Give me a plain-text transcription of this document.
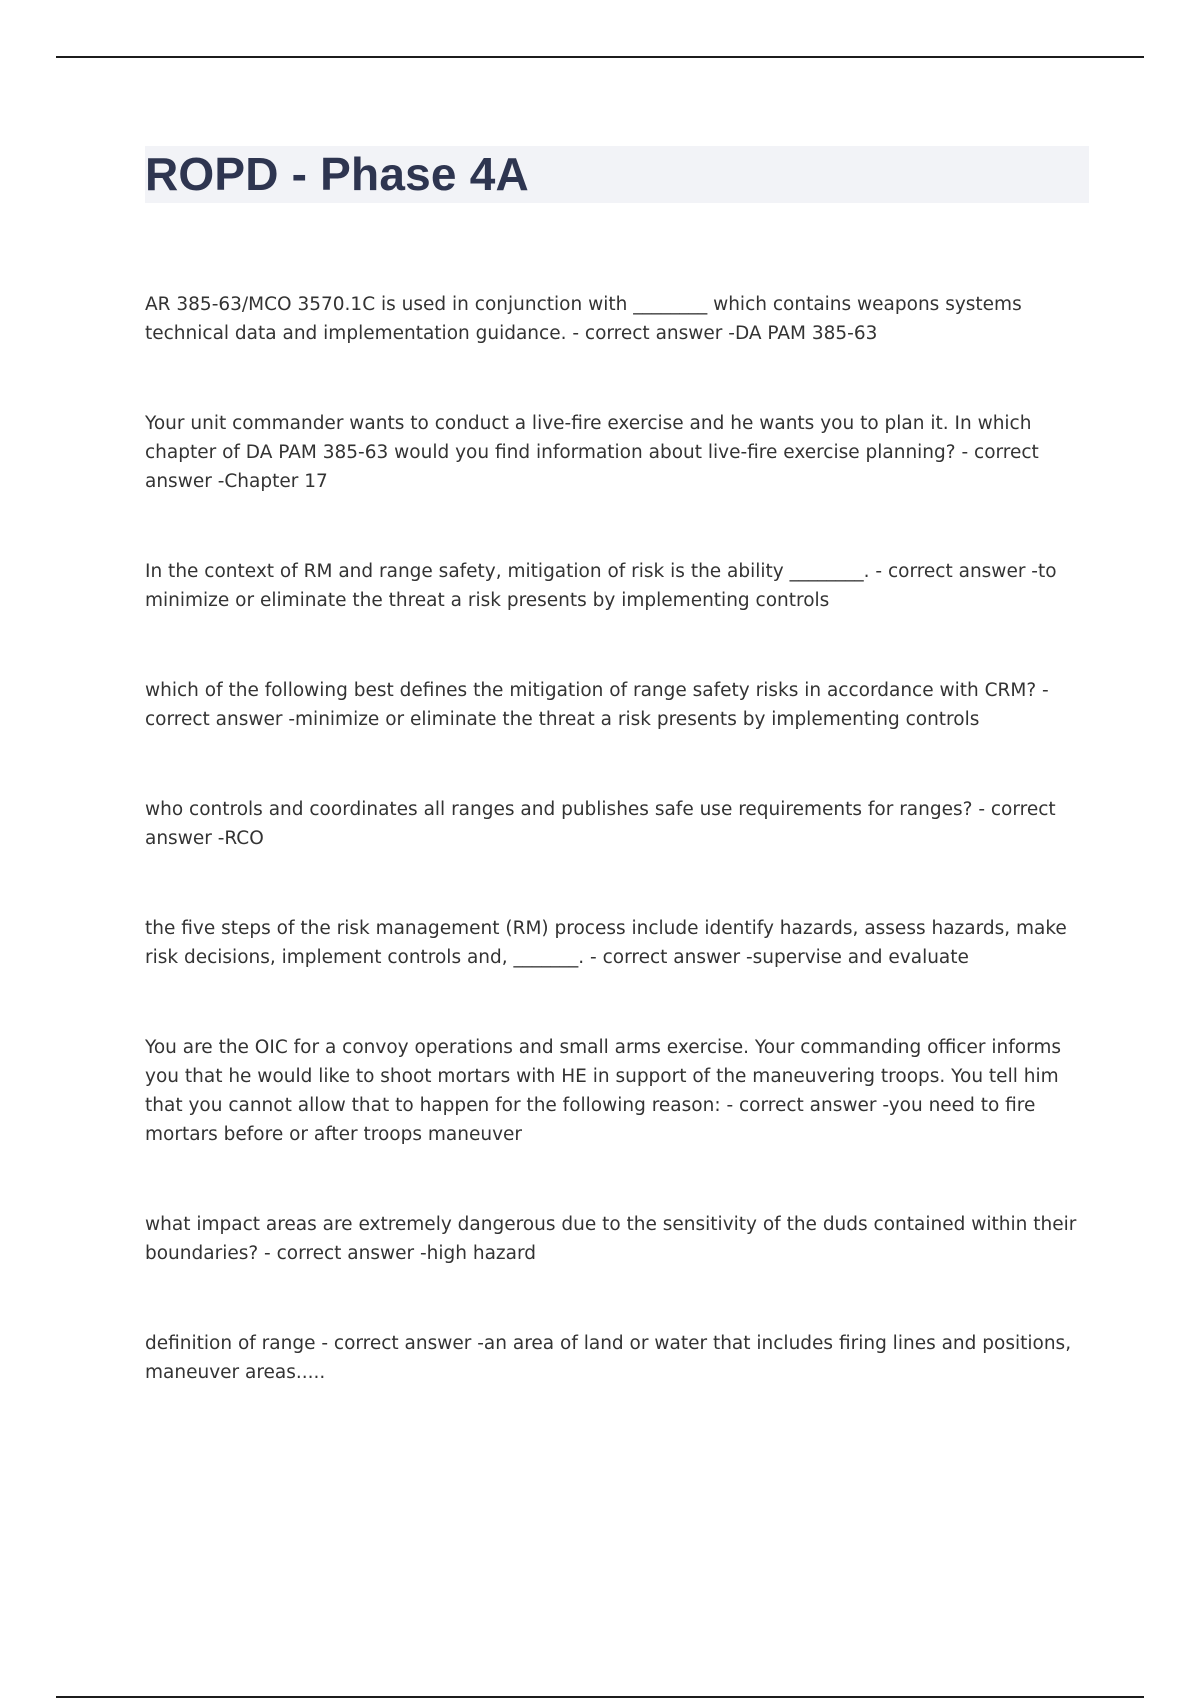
ROPD - Phase 4A

AR 385-63/MCO 3570.1C is used in conjunction with ________ which contains weapons systems technical data and implementation guidance. - correct answer -DA PAM 385-63

Your unit commander wants to conduct a live-fire exercise and he wants you to plan it. In which chapter of DA PAM 385-63 would you find information about live-fire exercise planning? - correct answer -Chapter 17

In the context of RM and range safety, mitigation of risk is the ability ________. - correct answer -to minimize or eliminate the threat a risk presents by implementing controls

which of the following best defines the mitigation of range safety risks in accordance with CRM? - correct answer -minimize or eliminate the threat a risk presents by implementing controls

who controls and coordinates all ranges and publishes safe use requirements for ranges? - correct answer -RCO

the five steps of the risk management (RM) process include identify hazards, assess hazards, make risk decisions, implement controls and, _______. - correct answer -supervise and evaluate

You are the OIC for a convoy operations and small arms exercise. Your commanding officer informs you that he would like to shoot mortars with HE in support of the maneuvering troops. You tell him that you cannot allow that to happen for the following reason: - correct answer -you need to fire mortars before or after troops maneuver

what impact areas are extremely dangerous due to the sensitivity of the duds contained within their boundaries? - correct answer -high hazard

definition of range - correct answer -an area of land or water that includes firing lines and positions, maneuver areas.....
